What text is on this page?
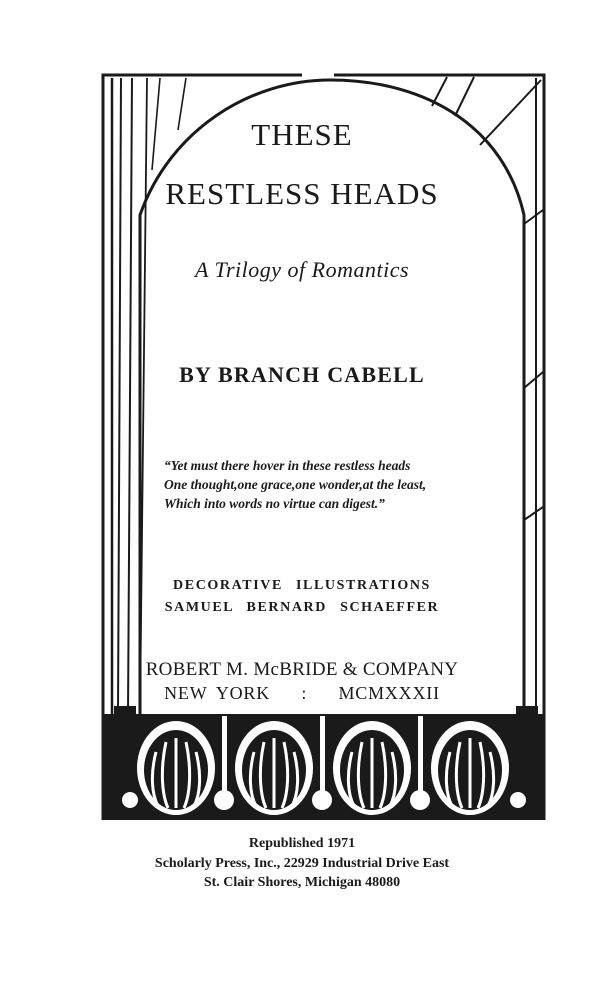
THESE
RESTLESS HEADS
A Trilogy of Romantics
BY BRANCH CABELL
“Yet must there hover in these restless heads
One thought,one grace,one wonder,at the least,
Which into words no virtue can digest.”
DECORATIVE ILLUSTRATIONS
SAMUEL BERNARD SCHAEFFER
ROBERT M. McBRIDE & COMPANY
NEW YORK : MCMXXXII
Republished 1971
Scholarly Press, Inc., 22929 Industrial Drive East
St. Clair Shores, Michigan 48080
